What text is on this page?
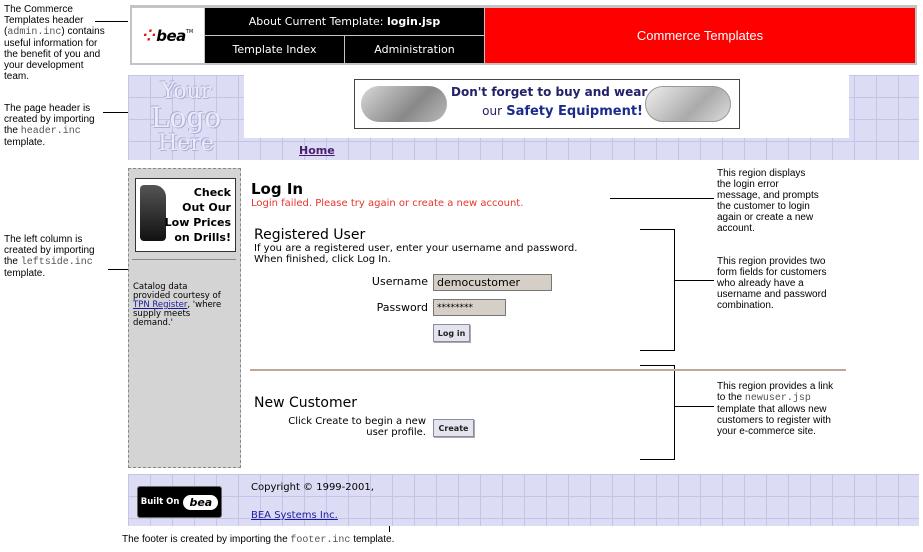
The Commerce
Templates header
(admin.inc) contains
useful information for
the benefit of you and
your development
team.
The page header is
created by importing
the header.inc
template.
The left column is
created by importing
the leftside.inc
template.
This region displays
the login error
message, and prompts
the customer to login
again or create a new
account.
This region provides two
form fields for customers
who already have a
username and password
combination.
This region provides a link
to the newuser.jsp
template that allows new
customers to register with
your e-commerce site.
The footer is created by importing the footer.inc template.
⁘ bea TM
About Current Template:
login.jsp
Template Index	Administration
Commerce Templates
Your
Logo
Here
Don't forget to buy and wear
our Safety Equipment!
Home
Check
Out Our
Low Prices
on Drills!
Catalog data
provided courtesy of
TPN Register, 'where
supply meets
demand.'
Log In
Login failed. Please try again or create a new account.
Registered User
If you are a registered user, enter your username and password.
When finished, click Log In.
Username democustomer
Password	********
Log in
New Customer
Click Create to begin a new
user profile.	Create
Built On bea
Copyright © 1999-2001,
BEA Systems Inc.
